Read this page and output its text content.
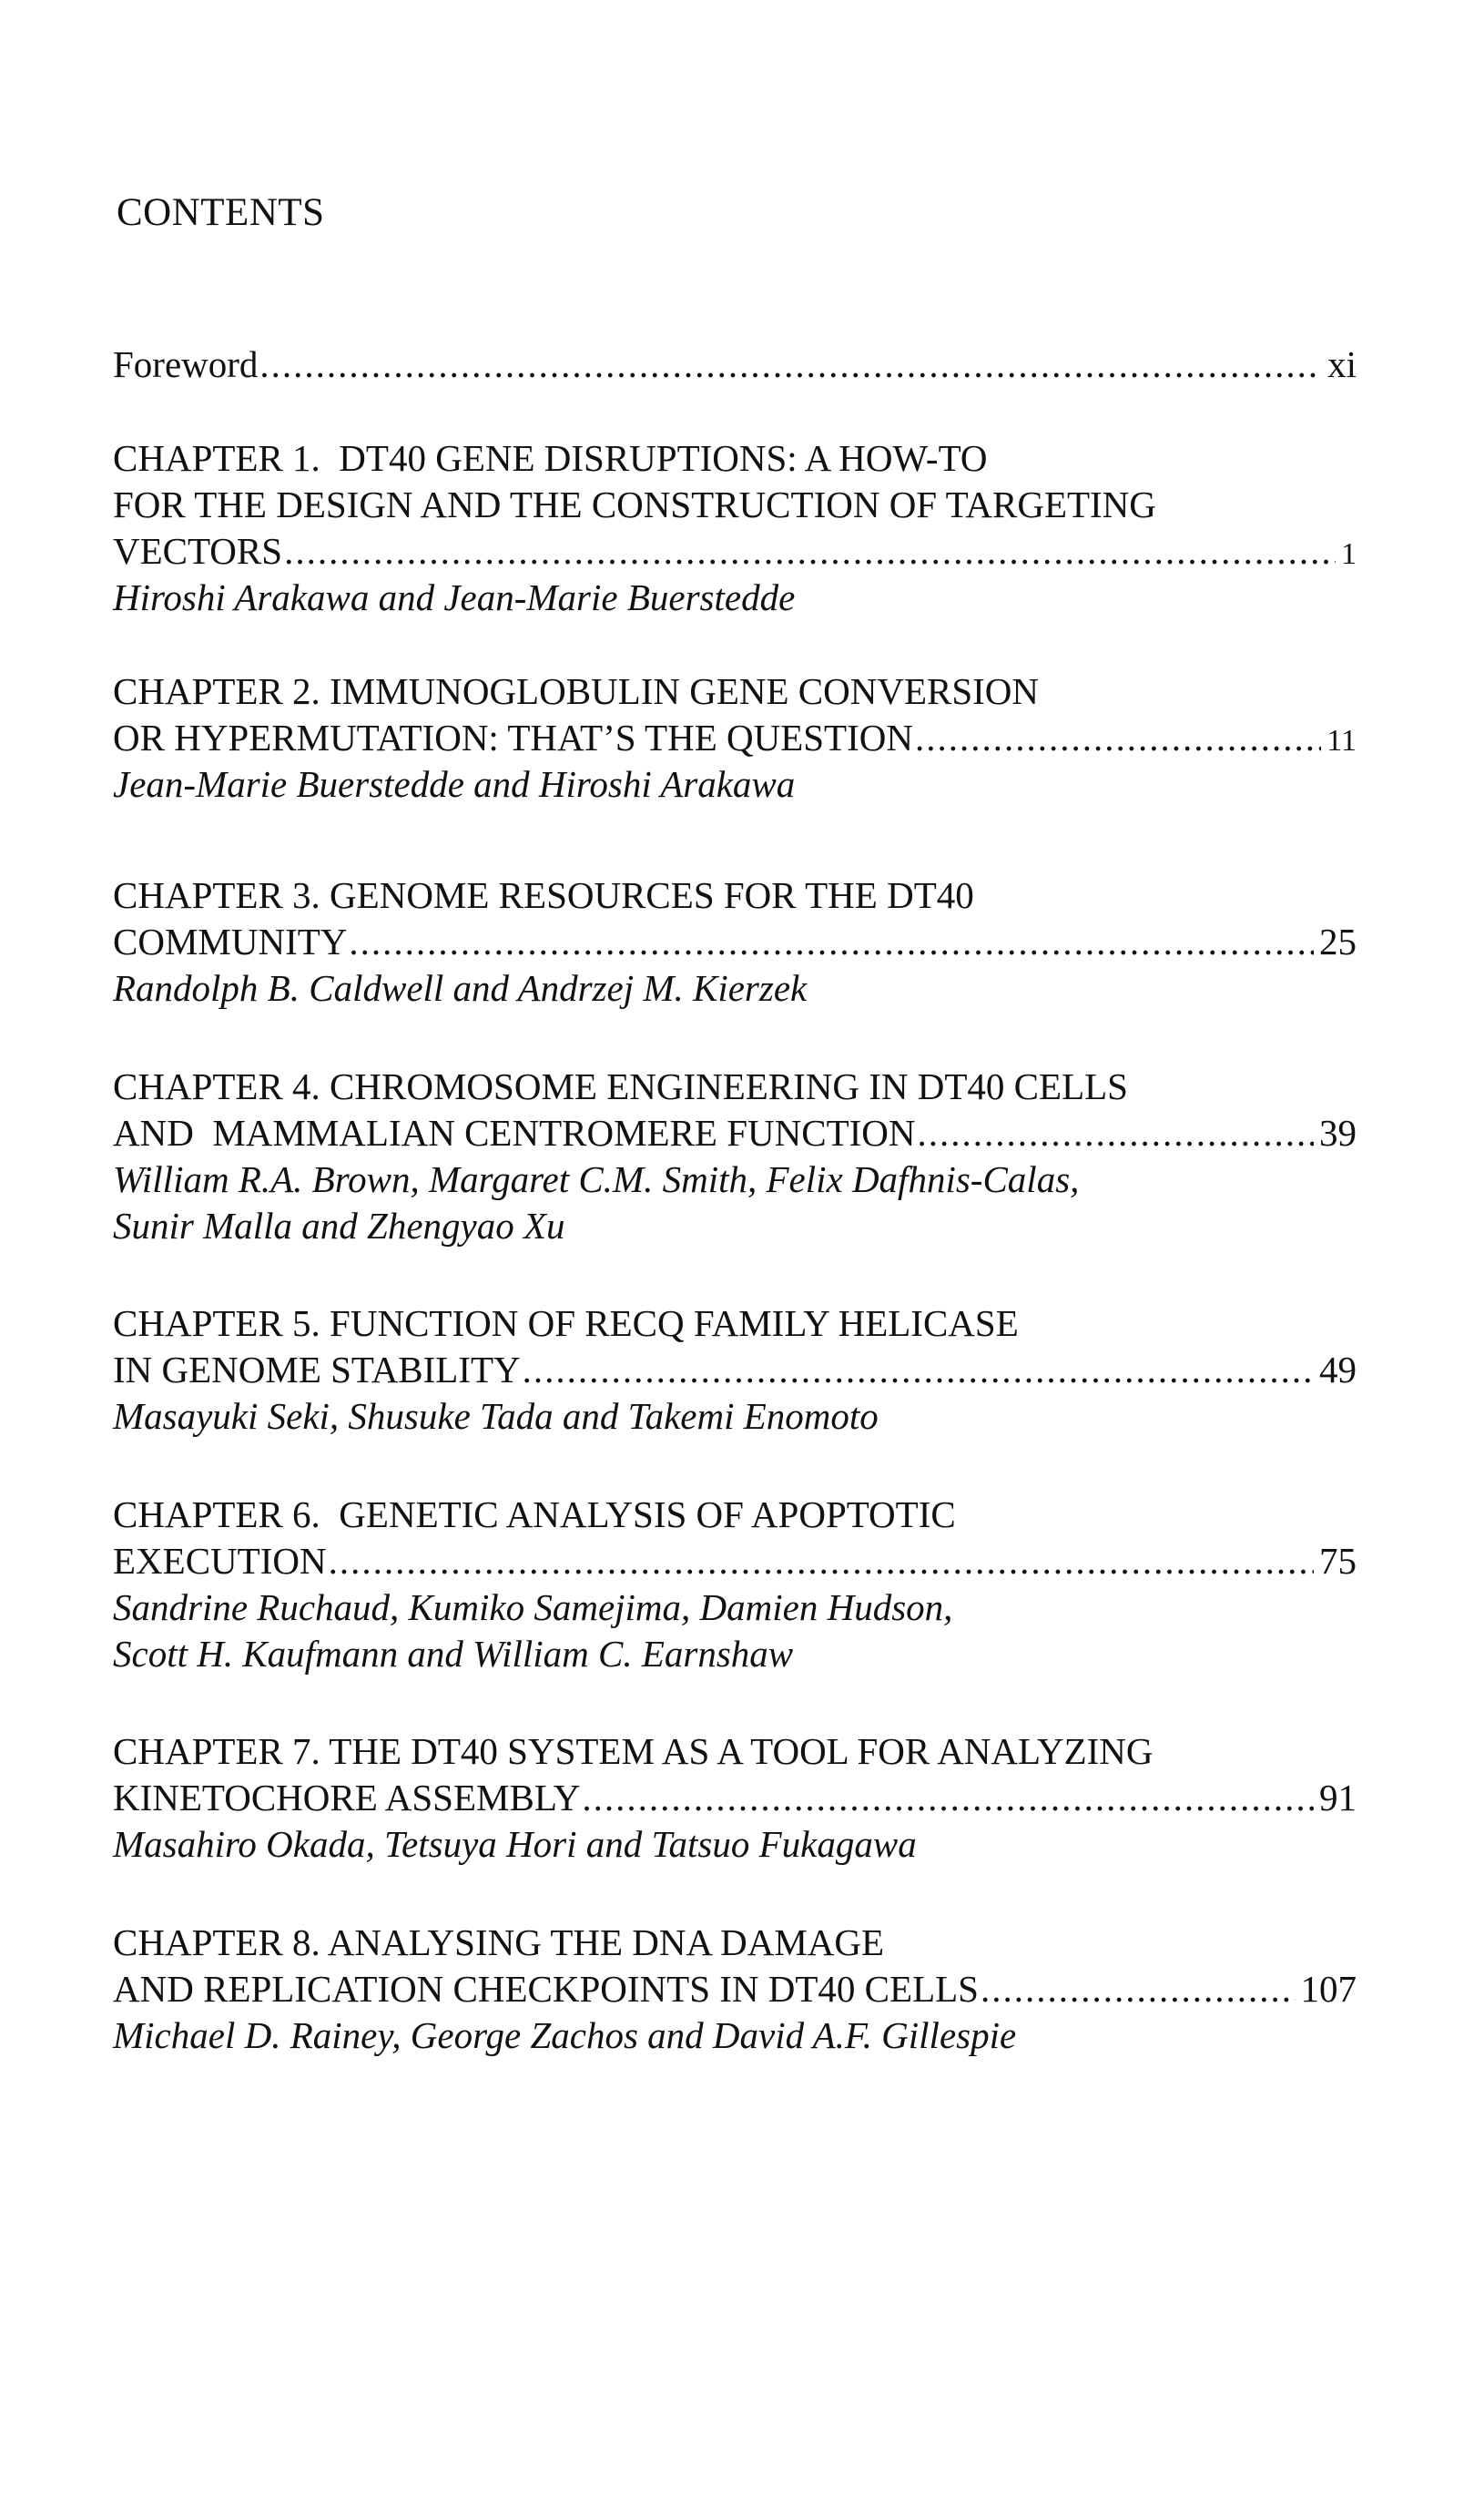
CONTENTS
Foreword .....	xi
CHAPTER 1.  DT40 GENE DISRUPTIONS: A HOW-TO
FOR THE DESIGN AND THE CONSTRUCTION OF TARGETING
VECTORS .....	1
Hiroshi Arakawa and Jean-Marie Buerstedde
CHAPTER 2. IMMUNOGLOBULIN GENE CONVERSION
OR HYPERMUTATION: THAT’S THE QUESTION .....	11
Jean-Marie Buerstedde and Hiroshi Arakawa
CHAPTER 3. GENOME RESOURCES FOR THE DT40
COMMUNITY .....	25
Randolph B. Caldwell and Andrzej M. Kierzek
CHAPTER 4. CHROMOSOME ENGINEERING IN DT40 CELLS
AND  MAMMALIAN CENTROMERE FUNCTION .....	39
William R.A. Brown, Margaret C.M. Smith, Felix Dafhnis-Calas,
Sunir Malla and Zhengyao Xu
CHAPTER 5. FUNCTION OF RECQ FAMILY HELICASE
IN GENOME STABILITY .....	49
Masayuki Seki, Shusuke Tada and Takemi Enomoto
CHAPTER 6.  GENETIC ANALYSIS OF APOPTOTIC
EXECUTION .....	75
Sandrine Ruchaud, Kumiko Samejima, Damien Hudson,
Scott H. Kaufmann and William C. Earnshaw
CHAPTER 7. THE DT40 SYSTEM AS A TOOL FOR ANALYZING
KINETOCHORE ASSEMBLY .....	91
Masahiro Okada, Tetsuya Hori and Tatsuo Fukagawa
CHAPTER 8. ANALYSING THE DNA DAMAGE
AND REPLICATION CHECKPOINTS IN DT40 CELLS .....	107
Michael D. Rainey, George Zachos and David A.F. Gillespie
